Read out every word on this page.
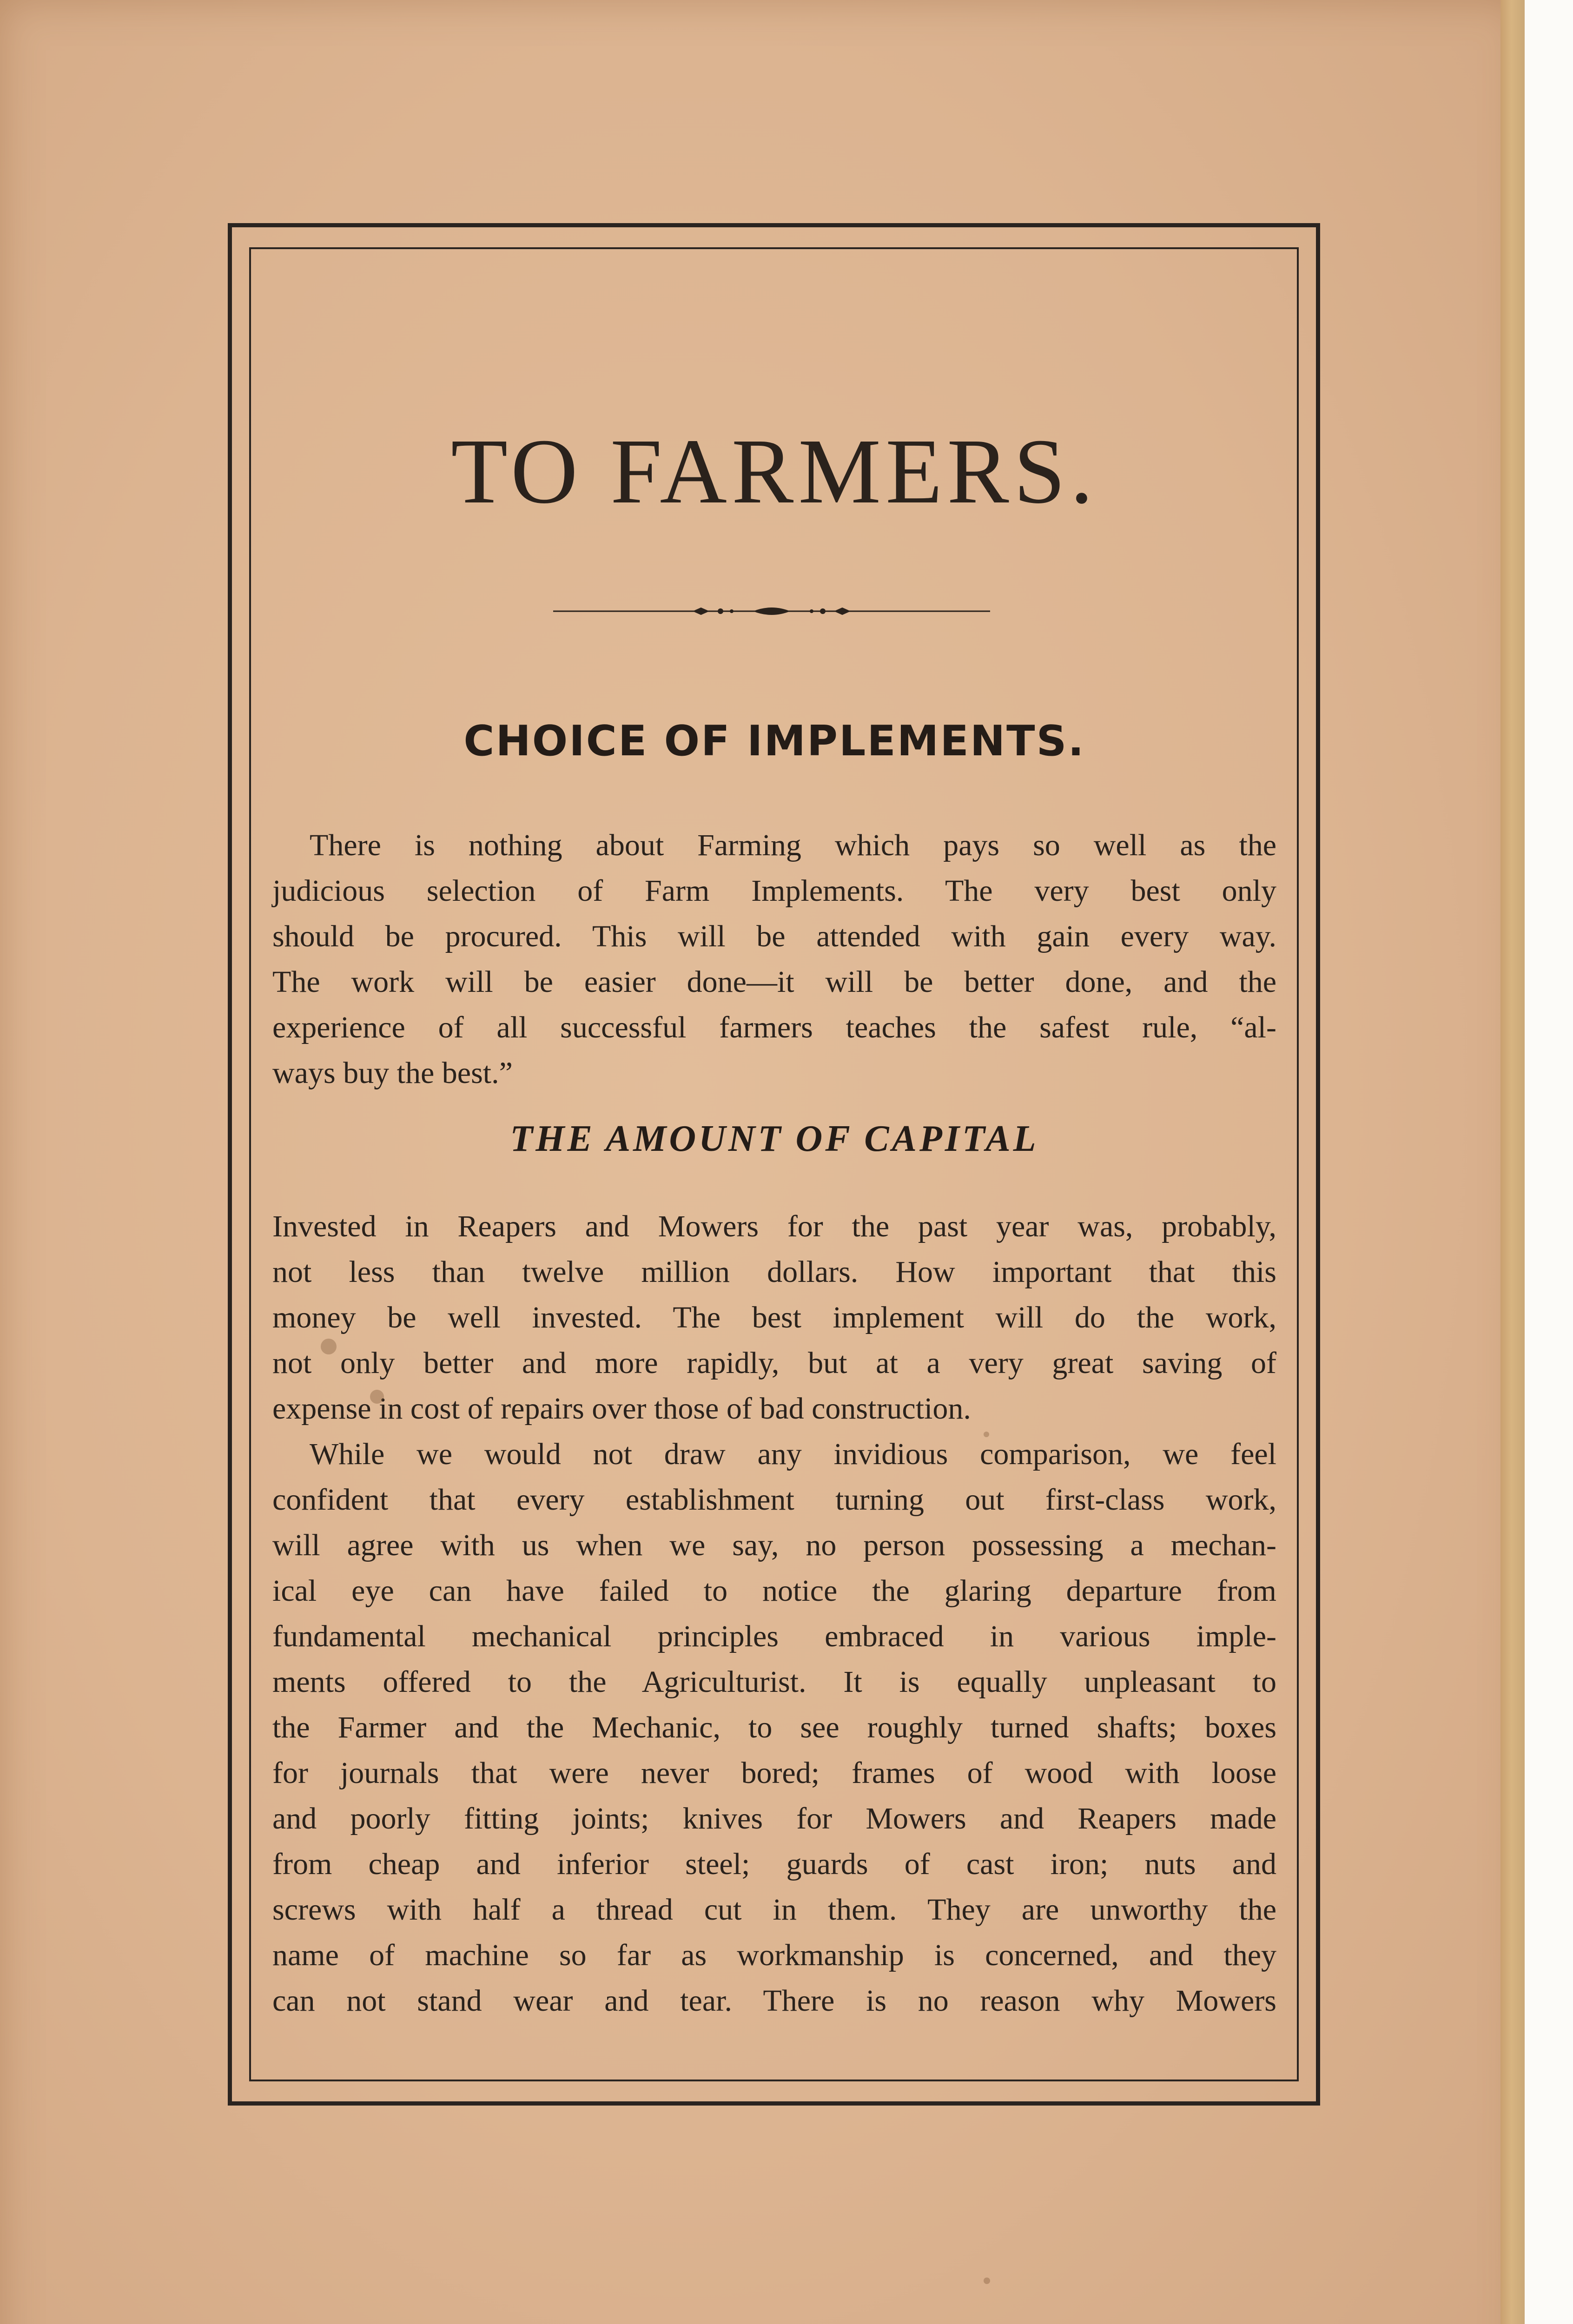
TO FARMERS.
CHOICE OF IMPLEMENTS.
There is nothing about Farming which pays so well as the
judicious selection of Farm Implements. The very best only
should be procured. This will be attended with gain every way.
The work will be easier done—it will be better done, and the
experience of all successful farmers teaches the safest rule, “al-
ways buy the best.”
THE AMOUNT OF CAPITAL
Invested in Reapers and Mowers for the past year was, probably,
not less than twelve million dollars. How important that this
money be well invested. The best implement will do the work,
not only better and more rapidly, but at a very great saving of
expense in cost of repairs over those of bad construction.
While we would not draw any invidious comparison, we feel
confident that every establishment turning out first-class work,
will agree with us when we say, no person possessing a mechan-
ical eye can have failed to notice the glaring departure from
fundamental mechanical principles embraced in various imple-
ments offered to the Agriculturist. It is equally unpleasant to
the Farmer and the Mechanic, to see roughly turned shafts; boxes
for journals that were never bored; frames of wood with loose
and poorly fitting joints; knives for Mowers and Reapers made
from cheap and inferior steel; guards of cast iron; nuts and
screws with half a thread cut in them. They are unworthy the
name of machine so far as workmanship is concerned, and they
can not stand wear and tear. There is no reason why Mowers
